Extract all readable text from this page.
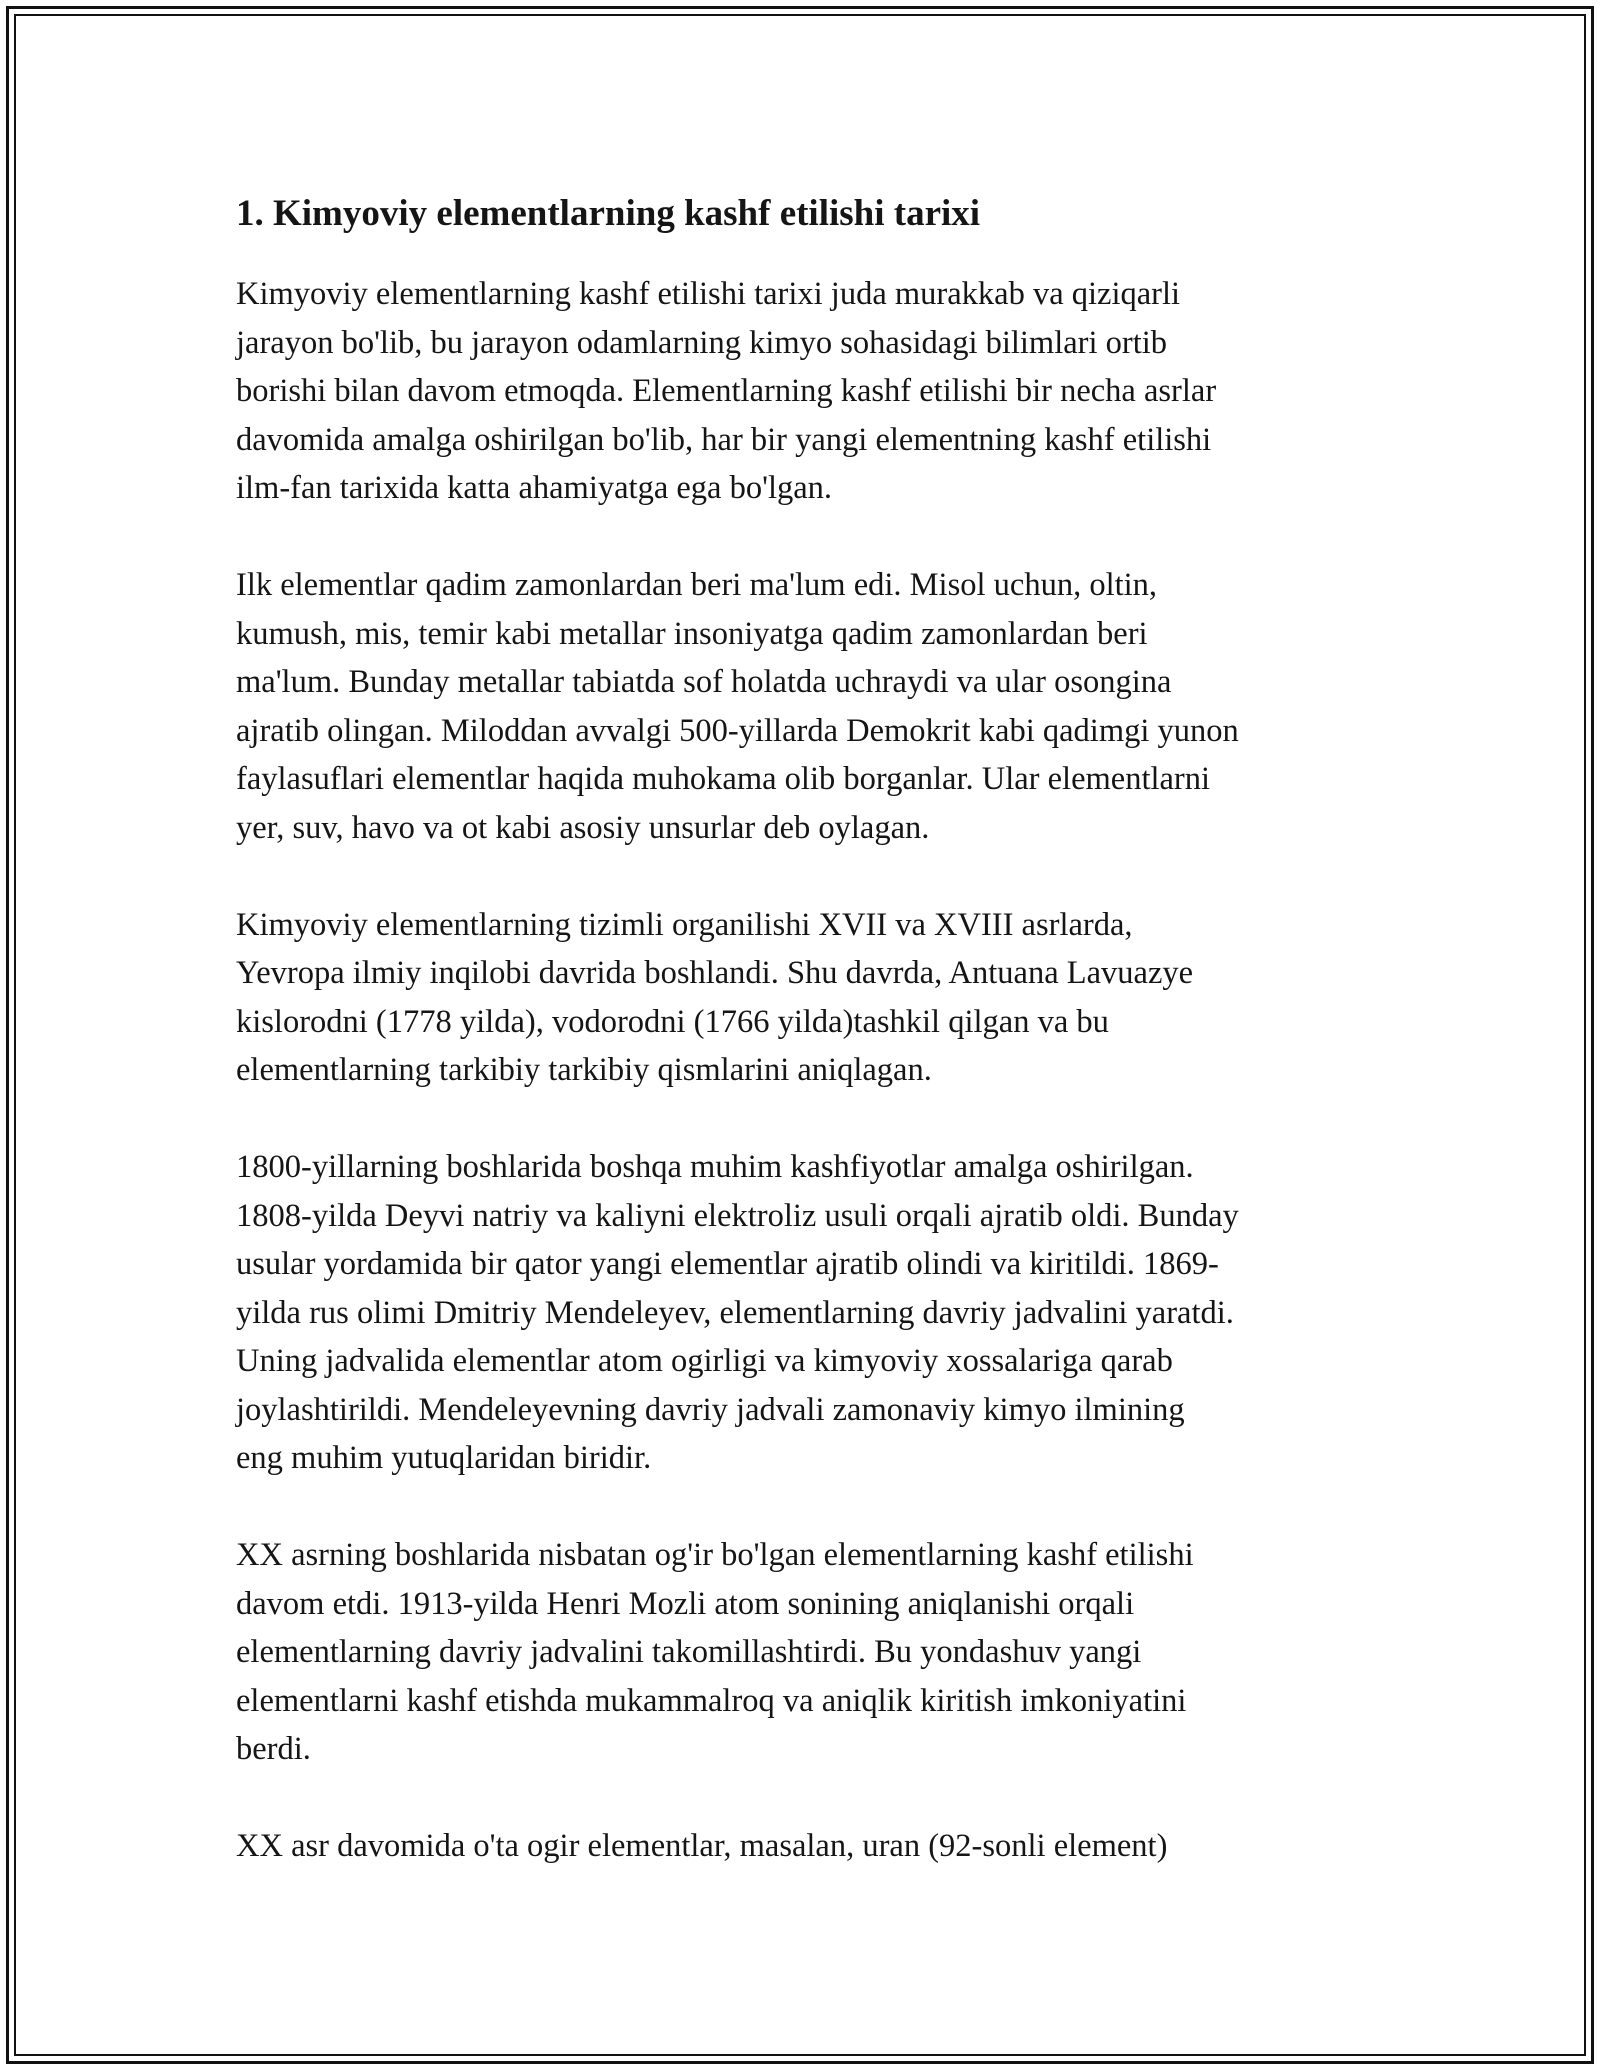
1. Kimyoviy elementlarning kashf etilishi tarixi

Kimyoviy elementlarning kashf etilishi tarixi juda murakkab va qiziqarli
jarayon bo'lib, bu jarayon odamlarning kimyo sohasidagi bilimlari ortib
borishi bilan davom etmoqda. Elementlarning kashf etilishi bir necha asrlar
davomida amalga oshirilgan bo'lib, har bir yangi elementning kashf etilishi
ilm-fan tarixida katta ahamiyatga ega bo'lgan.

Ilk elementlar qadim zamonlardan beri ma'lum edi. Misol uchun, oltin,
kumush, mis, temir kabi metallar insoniyatga qadim zamonlardan beri
ma'lum. Bunday metallar tabiatda sof holatda uchraydi va ular osongina
ajratib olingan. Miloddan avvalgi 500-yillarda Demokrit kabi qadimgi yunon
faylasuflari elementlar haqida muhokama olib borganlar. Ular elementlarni
yer, suv, havo va ot kabi asosiy unsurlar deb oylagan.

Kimyoviy elementlarning tizimli organilishi XVII va XVIII asrlarda,
Yevropa ilmiy inqilobi davrida boshlandi. Shu davrda, Antuana Lavuazye
kislorodni (1778 yilda), vodorodni (1766 yilda)tashkil qilgan va bu
elementlarning tarkibiy tarkibiy qismlarini aniqlagan.

1800-yillarning boshlarida boshqa muhim kashfiyotlar amalga oshirilgan.
1808-yilda Deyvi natriy va kaliyni elektroliz usuli orqali ajratib oldi. Bunday
usular yordamida bir qator yangi elementlar ajratib olindi va kiritildi. 1869-
yilda rus olimi Dmitriy Mendeleyev, elementlarning davriy jadvalini yaratdi.
Uning jadvalida elementlar atom ogirligi va kimyoviy xossalariga qarab
joylashtirildi. Mendeleyevning davriy jadvali zamonaviy kimyo ilmining
eng muhim yutuqlaridan biridir.

XX asrning boshlarida nisbatan og'ir bo'lgan elementlarning kashf etilishi
davom etdi. 1913-yilda Henri Mozli atom sonining aniqlanishi orqali
elementlarning davriy jadvalini takomillashtirdi. Bu yondashuv yangi
elementlarni kashf etishda mukammalroq va aniqlik kiritish imkoniyatini
berdi.

XX asr davomida o'ta ogir elementlar, masalan, uran (92-sonli element)
